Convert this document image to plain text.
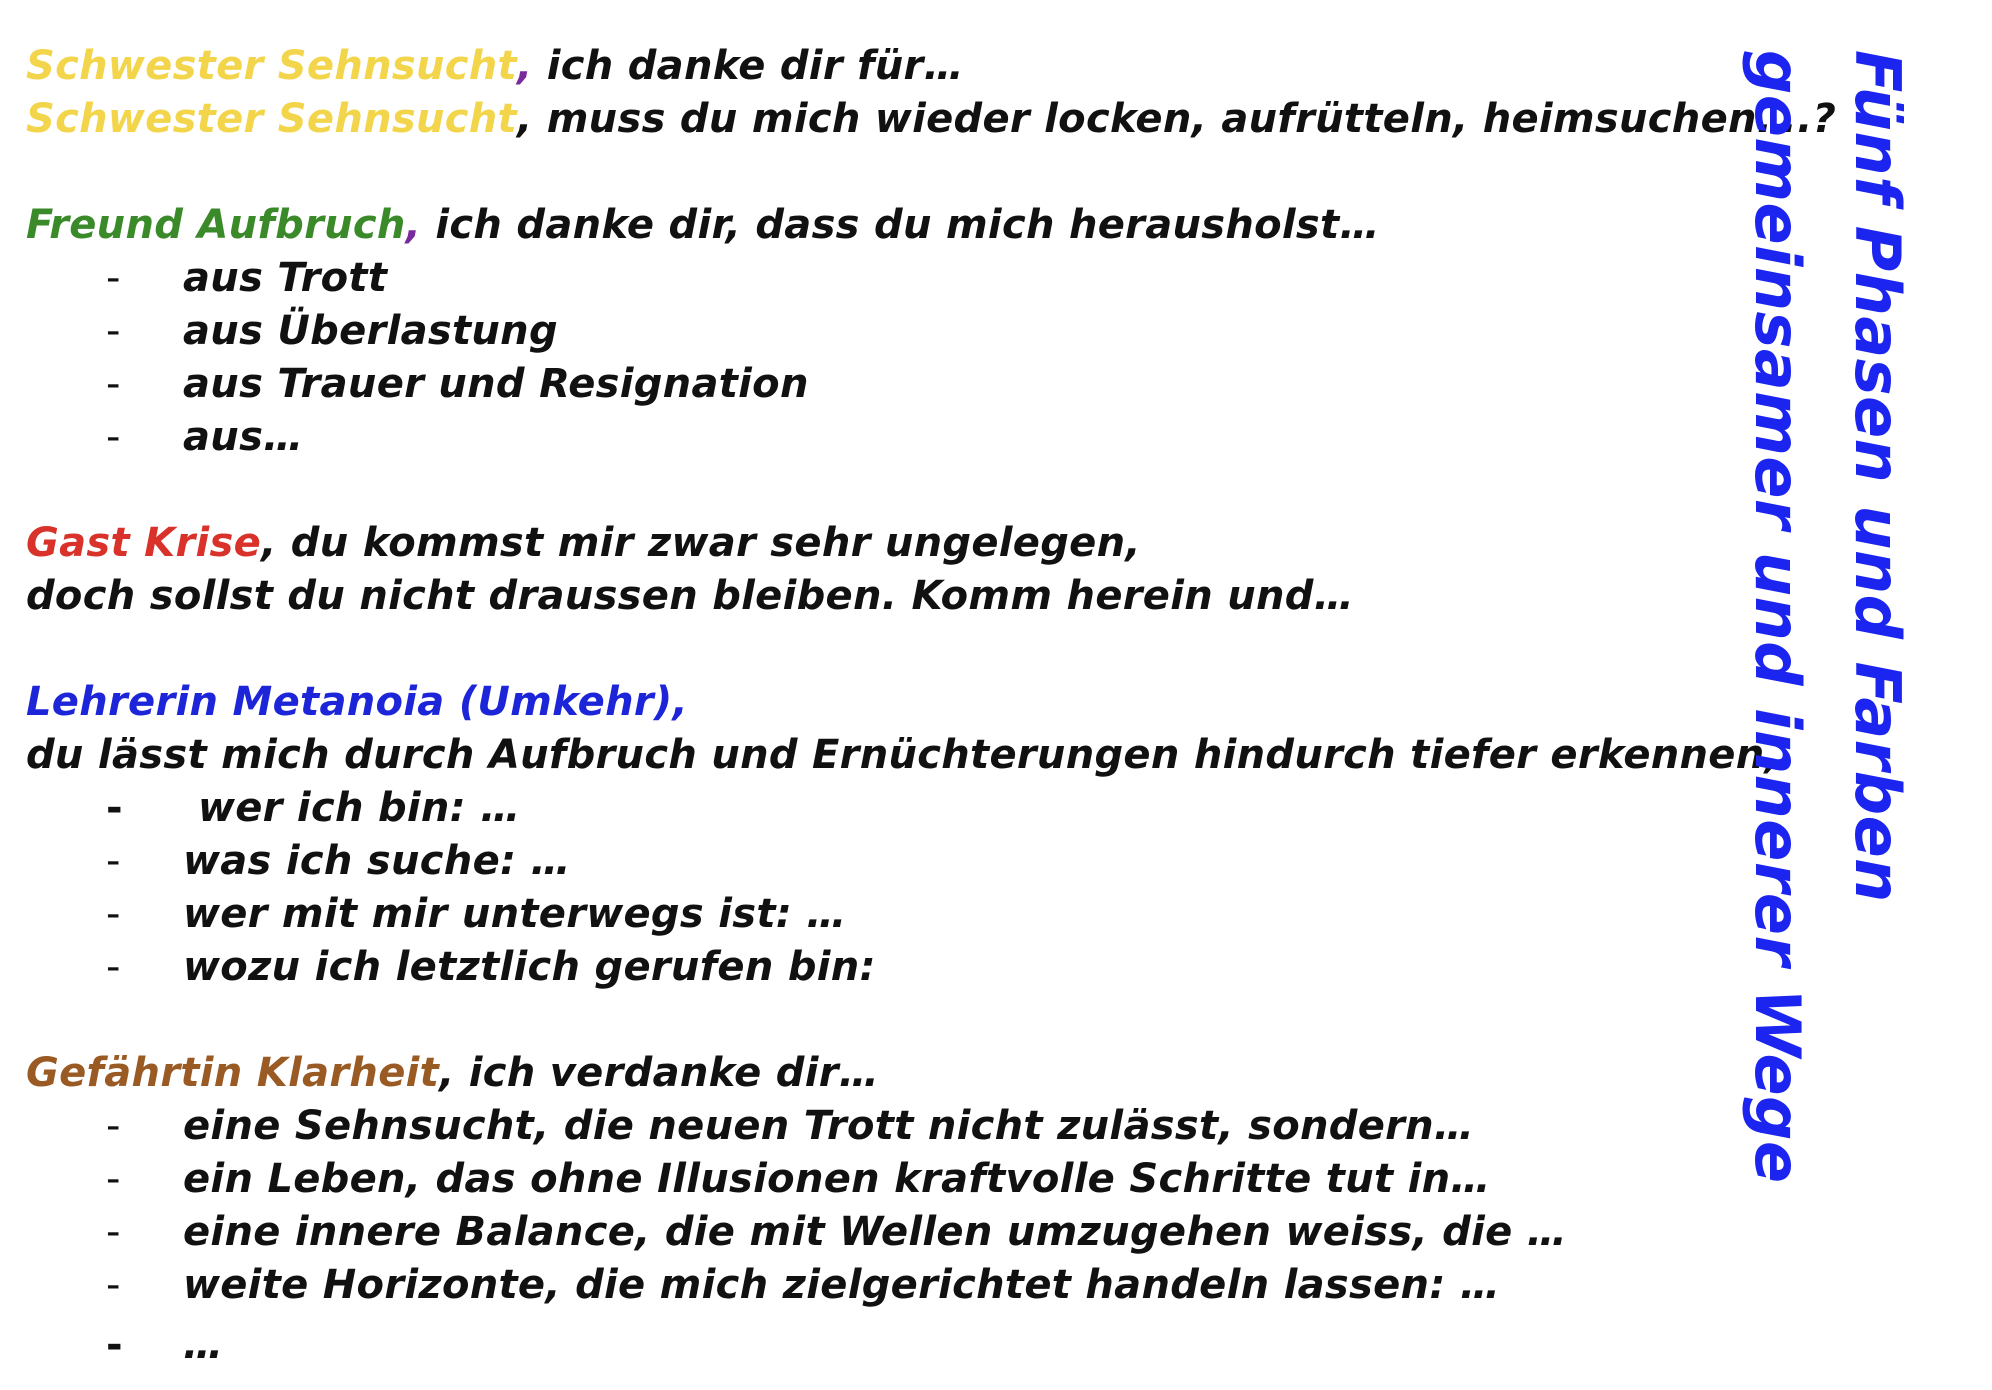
Schwester Sehnsucht, ich danke dir für…
Schwester Sehnsucht, muss du mich wieder locken, aufrütteln, heimsuchen….?
Freund Aufbruch, ich danke dir, dass du mich herausholst…
- aus Trott
- aus Überlastung
- aus Trauer und Resignation
- aus…
Gast Krise, du kommst mir zwar sehr ungelegen,
doch sollst du nicht draussen bleiben. Komm herein und…
Lehrerin Metanoia (Umkehr),
du lässt mich durch Aufbruch und Ernüchterungen hindurch tiefer erkennen,
- wer ich bin: …
- was ich suche: …
- wer mit mir unterwegs ist: …
- wozu ich letztlich gerufen bin:
Gefährtin Klarheit, ich verdanke dir…
- eine Sehnsucht, die neuen Trott nicht zulässt, sondern…
- ein Leben, das ohne Illusionen kraftvolle Schritte tut in…
- eine innere Balance, die mit Wellen umzugehen weiss, die …
- weite Horizonte, die mich zielgerichtet handeln lassen: …
- …
Fünf Phasen und Farben
gemeinsamer und innerer Wege
